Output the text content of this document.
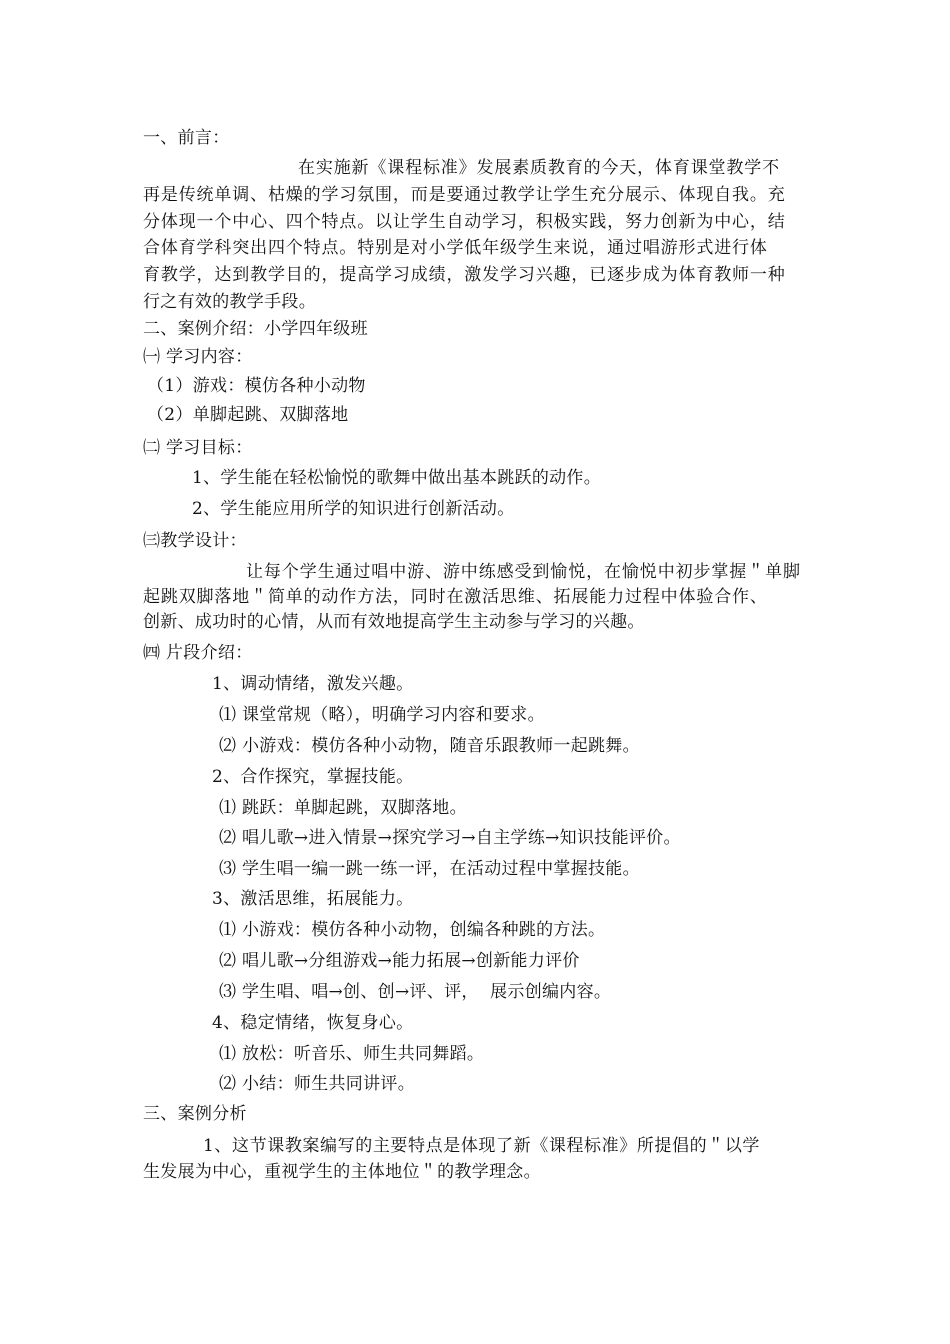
一、前言：

在实施新《课程标准》发展素质教育的今天，体育课堂教学不

再是传统单调、枯燥的学习氛围，而是要通过教学让学生充分展示、体现自我。充

分体现一个中心、四个特点。以让学生自动学习，积极实践，努力创新为中心，结

合体育学科突出四个特点。特别是对小学低年级学生来说，通过唱游形式进行体

育教学，达到教学目的，提高学习成绩，激发学习兴趣，已逐步成为体育教师一种

行之有效的教学手段。

二、案例介绍：小学四年级班

㈠ 学习内容：

（1）游戏：模仿各种小动物

（2）单脚起跳、双脚落地

㈡ 学习目标：

1、学生能在轻松愉悦的歌舞中做出基本跳跃的动作。

2、学生能应用所学的知识进行创新活动。

㈢教学设计：

让每个学生通过唱中游、游中练感受到愉悦，在愉悦中初步掌握＂单脚

起跳双脚落地＂简单的动作方法，同时在激活思维、拓展能力过程中体验合作、

创新、成功时的心情，从而有效地提高学生主动参与学习的兴趣。

㈣ 片段介绍：

1、调动情绪，激发兴趣。

⑴ 课堂常规（略），明确学习内容和要求。

⑵ 小游戏：模仿各种小动物，随音乐跟教师一起跳舞。

2、合作探究，掌握技能。

⑴ 跳跃：单脚起跳，双脚落地。

⑵ 唱儿歌→进入情景→探究学习→自主学练→知识技能评价。

⑶ 学生唱一编一跳一练一评，在活动过程中掌握技能。

3、激活思维，拓展能力。

⑴ 小游戏：模仿各种小动物，创编各种跳的方法。

⑵ 唱儿歌→分组游戏→能力拓展→创新能力评价

⑶ 学生唱、唱→创、创→评、评，  展示创编内容。

4、稳定情绪，恢复身心。

⑴ 放松：听音乐、师生共同舞蹈。

⑵ 小结：师生共同讲评。

三、案例分析

1、这节课教案编写的主要特点是体现了新《课程标准》所提倡的＂以学

生发展为中心，重视学生的主体地位＂的教学理念。
